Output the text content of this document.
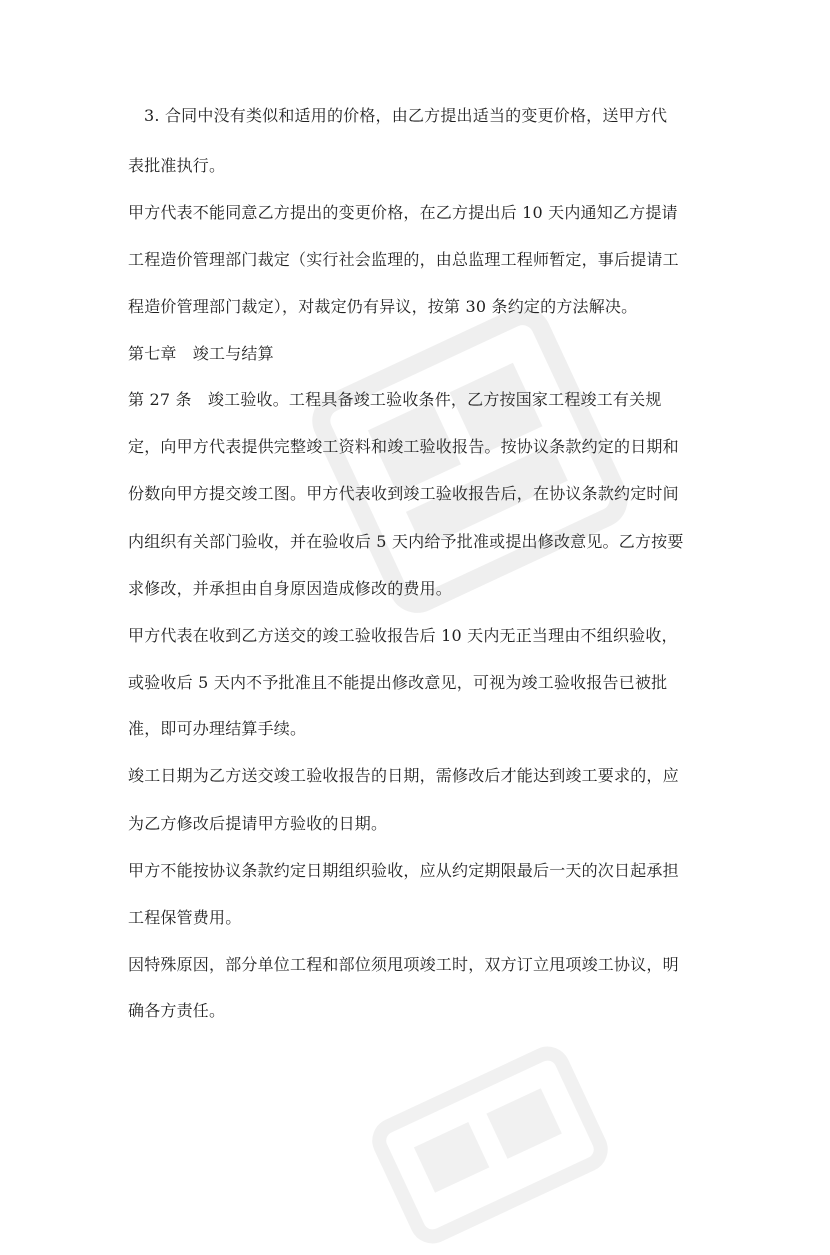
3. 合同中没有类似和适用的价格，由乙方提出适当的变更价格，送甲方代
表批准执行。
甲方代表不能同意乙方提出的变更价格，在乙方提出后 10 天内通知乙方提请
工程造价管理部门裁定（实行社会监理的，由总监理工程师暂定，事后提请工
程造价管理部门裁定），对裁定仍有异议，按第 30 条约定的方法解决。
第七章　竣工与结算
第 27 条　竣工验收。工程具备竣工验收条件，乙方按国家工程竣工有关规
定，向甲方代表提供完整竣工资料和竣工验收报告。按协议条款约定的日期和
份数向甲方提交竣工图。甲方代表收到竣工验收报告后，在协议条款约定时间
内组织有关部门验收，并在验收后 5 天内给予批准或提出修改意见。乙方按要
求修改，并承担由自身原因造成修改的费用。
甲方代表在收到乙方送交的竣工验收报告后 10 天内无正当理由不组织验收，
或验收后 5 天内不予批准且不能提出修改意见，可视为竣工验收报告已被批
准，即可办理结算手续。
竣工日期为乙方送交竣工验收报告的日期，需修改后才能达到竣工要求的，应
为乙方修改后提请甲方验收的日期。
甲方不能按协议条款约定日期组织验收，应从约定期限最后一天的次日起承担
工程保管费用。
因特殊原因，部分单位工程和部位须甩项竣工时，双方订立甩项竣工协议，明
确各方责任。
